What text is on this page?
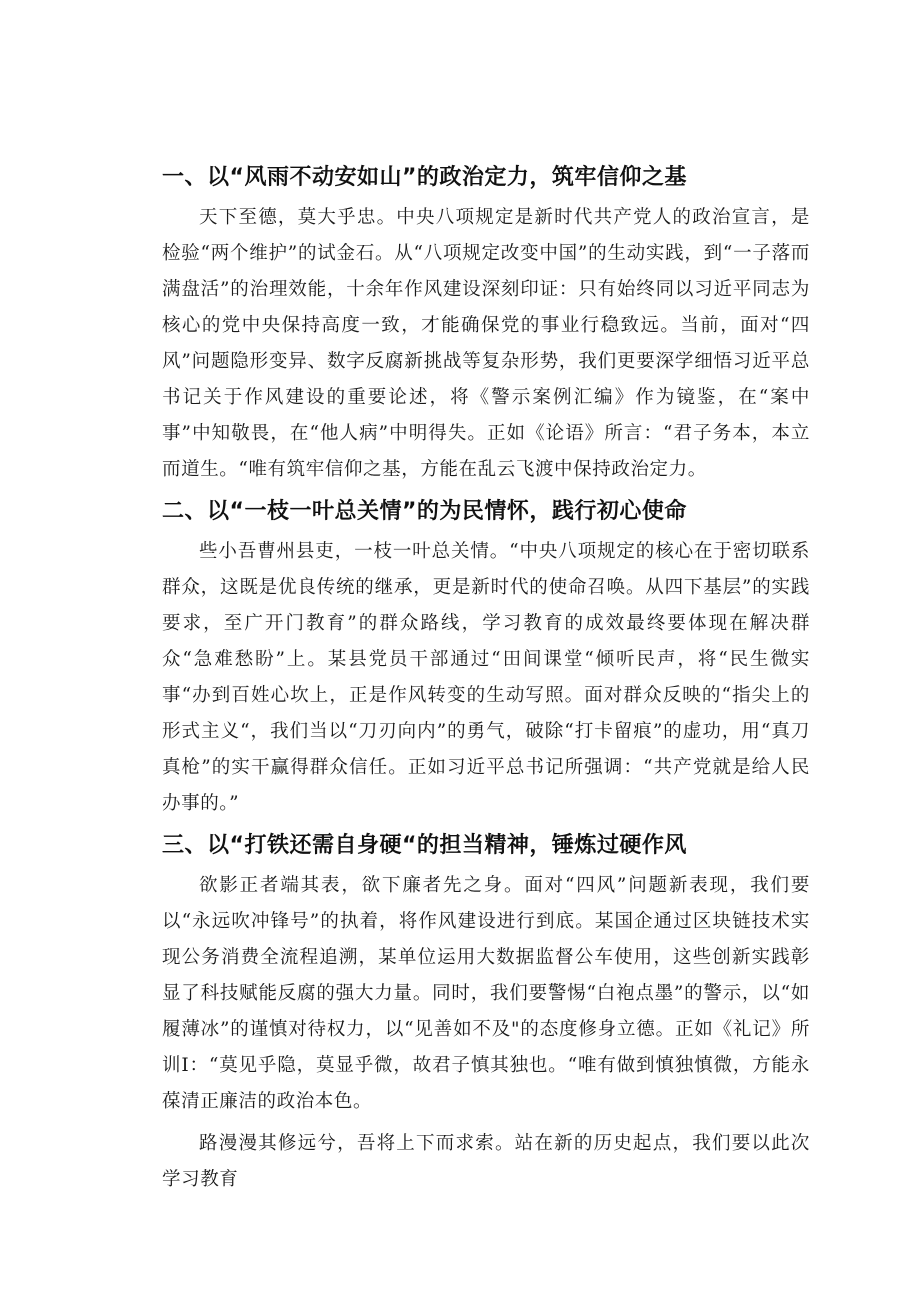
一、以“风雨不动安如山”的政治定力，筑牢信仰之基

天下至德，莫大乎忠。中央八项规定是新时代共产党人的政治宣言，是检验“两个维护”的试金石。从“八项规定改变中国”的生动实践，到“一子落而满盘活”的治理效能，十余年作风建设深刻印证：只有始终同以习近平同志为核心的党中央保持高度一致，才能确保党的事业行稳致远。当前，面对“四风”问题隐形变异、数字反腐新挑战等复杂形势，我们更要深学细悟习近平总书记关于作风建设的重要论述，将《警示案例汇编》作为镜鉴，在“案中事”中知敬畏，在“他人病”中明得失。正如《论语》所言：“君子务本，本立而道生。“唯有筑牢信仰之基，方能在乱云飞渡中保持政治定力。

二、以“一枝一叶总关情”的为民情怀，践行初心使命

些小吾曹州县吏，一枝一叶总关情。“中央八项规定的核心在于密切联系群众，这既是优良传统的继承，更是新时代的使命召唤。从四下基层”的实践要求，至广开门教育”的群众路线，学习教育的成效最终要体现在解决群众“急难愁盼”上。某县党员干部通过“田间课堂“倾听民声，将“民生微实事“办到百姓心坎上，正是作风转变的生动写照。面对群众反映的“指尖上的形式主义“，我们当以“刀刃向内”的勇气，破除“打卡留痕”的虚功，用“真刀真枪”的实干赢得群众信任。正如习近平总书记所强调：“共产党就是给人民办事的。”

三、以“打铁还需自身硬“的担当精神，锤炼过硬作风

欲影正者端其表，欲下廉者先之身。面对“四风”问题新表现，我们要以“永远吹冲锋号”的执着，将作风建设进行到底。某国企通过区块链技术实现公务消费全流程追溯，某单位运用大数据监督公车使用，这些创新实践彰显了科技赋能反腐的强大力量。同时，我们要警惕“白袍点墨”的警示，以“如履薄冰”的谨慎对待权力，以“见善如不及"的态度修身立德。正如《礼记》所训I：“莫见乎隐，莫显乎微，故君子慎其独也。“唯有做到慎独慎微，方能永葆清正廉洁的政治本色。

路漫漫其修远兮，吾将上下而求索。站在新的历史起点，我们要以此次学习教育
